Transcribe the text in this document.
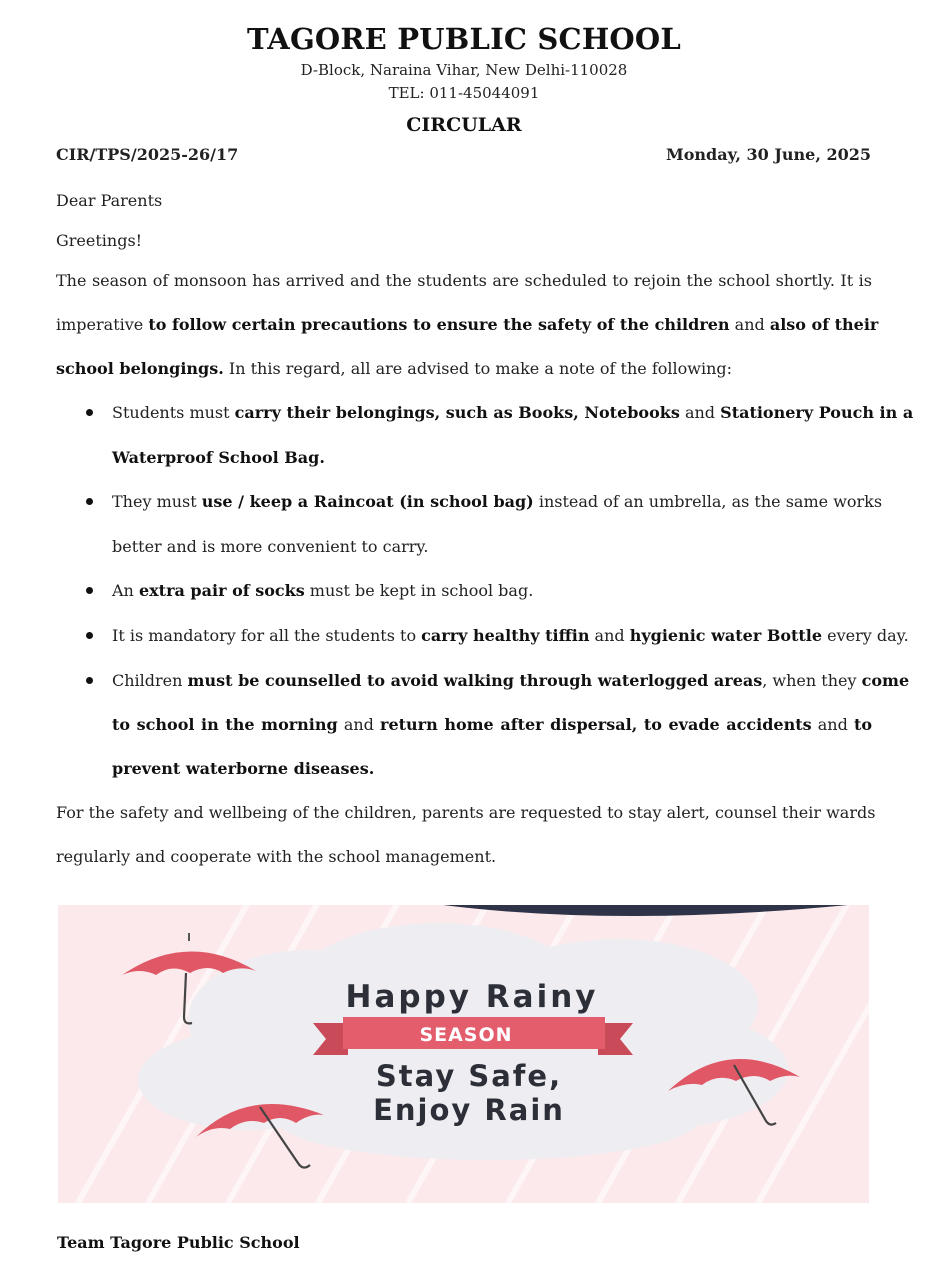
TAGORE PUBLIC SCHOOL
D-Block, Naraina Vihar, New Delhi-110028
TEL: 011-45044091
CIRCULAR
CIR/TPS/2025-26/17	Monday, 30 June, 2025
Dear Parents
Greetings!
The season of monsoon has arrived and the students are scheduled to rejoin the school shortly. It is
imperative to follow certain precautions to ensure the safety of the children and also of their
school belongings. In this regard, all are advised to make a note of the following:
Students must carry their belongings, such as Books, Notebooks and Stationery Pouch in a
Waterproof School Bag.
They must use / keep a Raincoat (in school bag) instead of an umbrella, as the same works
better and is more convenient to carry.
An extra pair of socks must be kept in school bag.
It is mandatory for all the students to carry healthy tiffin and hygienic water Bottle every day.
Children must be counselled to avoid walking through waterlogged areas, when they come
to school in the morning and return home after dispersal, to evade accidents and to
prevent waterborne diseases.
For the safety and wellbeing of the children, parents are requested to stay alert, counsel their wards
regularly and cooperate with the school management.
Happy Rainy
SEASON
Stay Safe,
Enjoy Rain
Team Tagore Public School
